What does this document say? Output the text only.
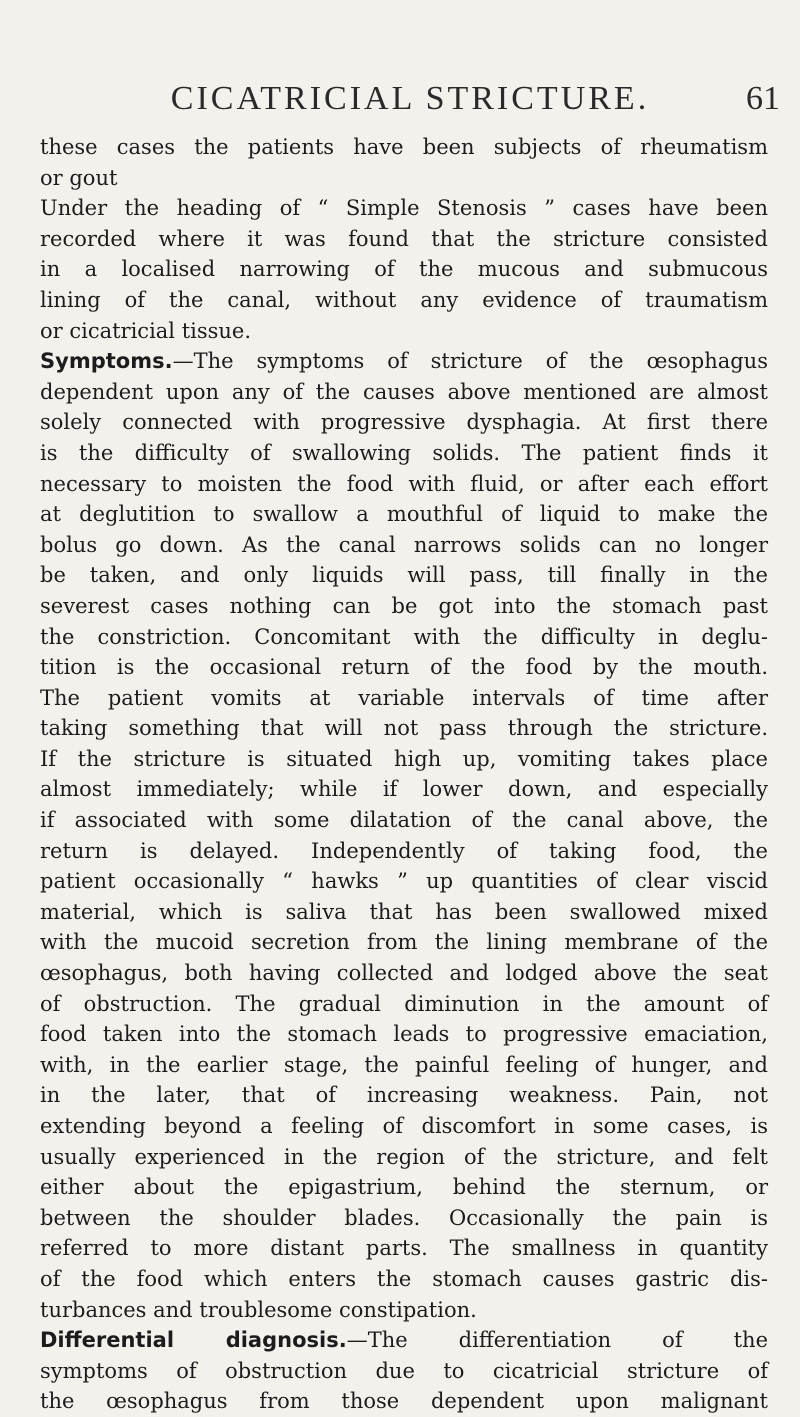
CICATRICIAL STRICTURE.	61
these cases the patients have been subjects of rheumatism
or gout
Under the heading of “ Simple Stenosis ” cases have been
recorded where it was found that the stricture consisted
in a localised narrowing of the mucous and submucous
lining of the canal, without any evidence of traumatism
or cicatricial tissue.
Symptoms.—The symptoms of stricture of the œsophagus
dependent upon any of the causes above mentioned are almost
solely connected with progressive dysphagia. At first there
is the difficulty of swallowing solids. The patient finds it
necessary to moisten the food with fluid, or after each effort
at deglutition to swallow a mouthful of liquid to make the
bolus go down. As the canal narrows solids can no longer
be taken, and only liquids will pass, till finally in the
severest cases nothing can be got into the stomach past
the constriction. Concomitant with the difficulty in deglu-
tition is the occasional return of the food by the mouth.
The patient vomits at variable intervals of time after
taking something that will not pass through the stricture.
If the stricture is situated high up, vomiting takes place
almost immediately; while if lower down, and especially
if associated with some dilatation of the canal above, the
return is delayed. Independently of taking food, the
patient occasionally “ hawks ” up quantities of clear viscid
material, which is saliva that has been swallowed mixed
with the mucoid secretion from the lining membrane of the
œsophagus, both having collected and lodged above the seat
of obstruction. The gradual diminution in the amount of
food taken into the stomach leads to progressive emaciation,
with, in the earlier stage, the painful feeling of hunger, and
in the later, that of increasing weakness. Pain, not
extending beyond a feeling of discomfort in some cases, is
usually experienced in the region of the stricture, and felt
either about the epigastrium, behind the sternum, or
between the shoulder blades. Occasionally the pain is
referred to more distant parts. The smallness in quantity
of the food which enters the stomach causes gastric dis-
turbances and troublesome constipation.
Differential diagnosis.—The differentiation of the
symptoms of obstruction due to cicatricial stricture of
the œsophagus from those dependent upon malignant
